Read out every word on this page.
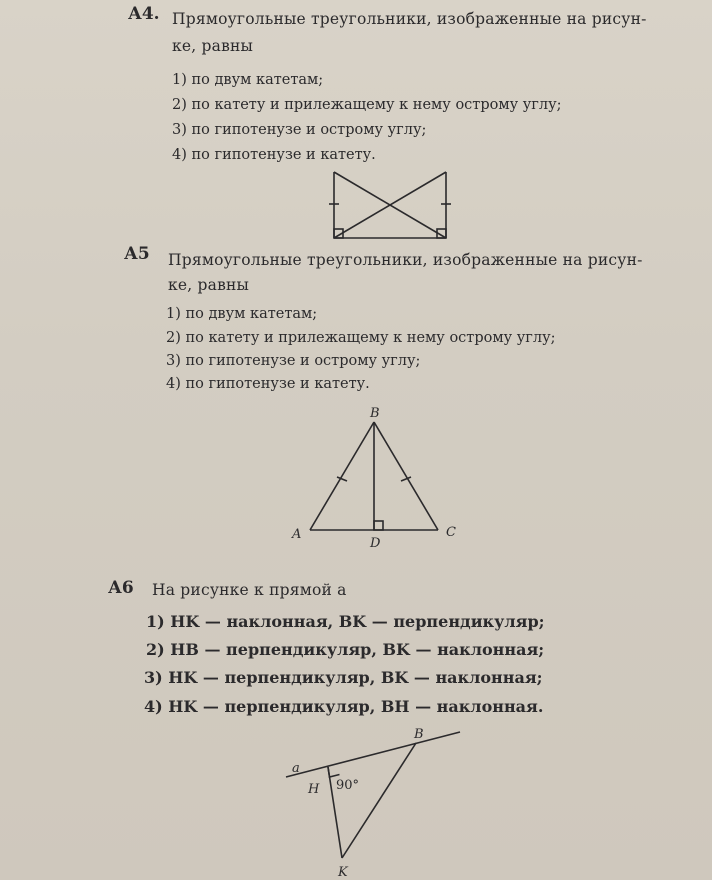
А4. Прямоугольные треугольники, изображенные на рисун-
ке, равны
1) по двум катетам;
2) по катету и прилежащему к нему острому углу;
3) по гипотенузе и острому углу;
4) по гипотенузе и катету.
А5 Прямоугольные треугольники, изображенные на рисун-
ке, равны
1) по двум катетам;
2) по катету и прилежащему к нему острому углу;
3) по гипотенузе и острому углу;
4) по гипотенузе и катету.
B
A	C
D
А6 На рисунке к прямой a
1) HK — наклонная, BK — перпендикуляр;
2) HB — перпендикуляр, BK — наклонная;
3) HK — перпендикуляр, BK — наклонная;
4) HK — перпендикуляр, BH — наклонная.
a
B
H 90°
K
